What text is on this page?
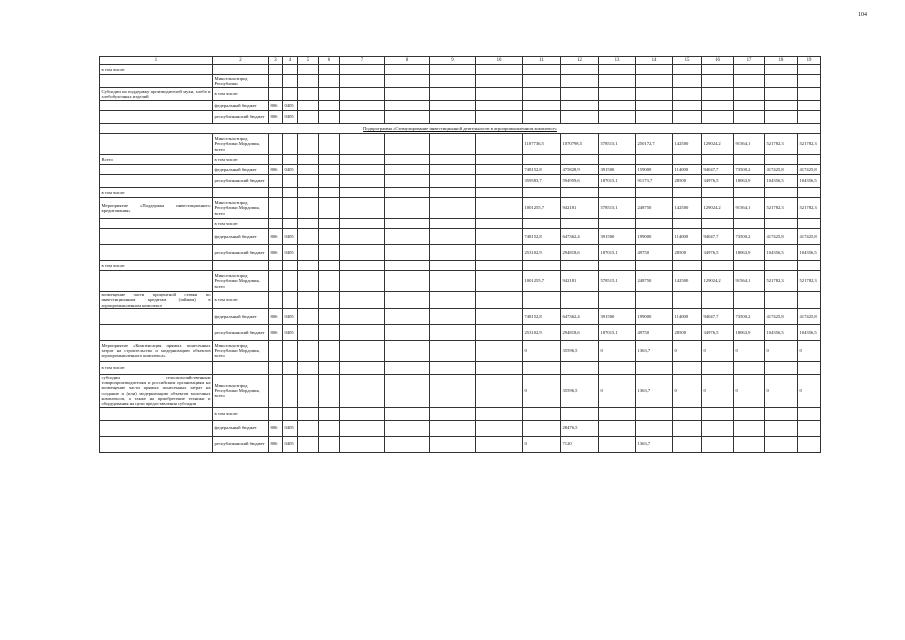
104
1	2	3	4	5	6	7	8	9	10	11	12	13	14	15	16	17	18	19
в том числе:																		
	Минсельхозпрод Республики																	
Субсидии на поддержку производителей муки, хлеба и хлебобулочных изделий	в том числе:																	
	федеральный бюджет	806	0405															
	республиканский бюджет	806	0405															
Подпрограмма «Стимулирование инвестиционной деятельности в агропромышленном комплексе»																		
	Минсельхозпрод Республики Мордовия, всего									1107736,5	1070798,5	578515,1	250172,7	142500	129024,2	91564,1	521782,3	521782,3
Всего	в том числе:																	
	федеральный бюджет	806	0405							748152,8	475828,9	391500	159000	114000	94047,7	73500,2	417425,8	417425,8
	республиканский бюджет									359583,7	594959,6	187015,1	91173,7	28500	34976,5	18063,9	104356,5	104356,5
в том числе:																		
Мероприятие «Поддержка инвестиционного кредитования»	Минсельхозпрод Республики Мордовия, всего									1001255,7	942181	578515,1	248750	142500	129024,2	91564,1	521782,3	521782,3
	в том числе:																	
	федеральный бюджет	806	0405							748152,8	647362,4	391500	199000	114000	94047,7	73500,2	417425,8	417425,8
	республиканский бюджет	806	0405							253102,9	294818,6	187015,1	49750	28500	34976,5	18063,9	104356,5	104356,5
в том числе:																		
	Минсельхозпрод Республики Мордовия, всего									1001255,7	942181	578515,1	248750	142500	129024,2	91564,1	521782,3	521782,3
возмещение части процентной ставки по инвестиционным кредитам (займам) в агропромышленном комплексе	в том числе:																	
	федеральный бюджет	806	0405							748152,8	647362,4	391500	199000	114000	94047,7	73500,2	417425,8	417425,8
	республиканский бюджет	806	0405							253102,9	294818,6	187015,1	49750	28500	34976,5	18063,9	104356,5	104356,5
Мероприятие «Компенсация прямых понесенных затрат на строительство и модернизацию объектов агропромышленного комплекса»	Минсельхозпрод Республики Мордовия, всего									0	35596,5	0	1363,7	0	0	0	0	0
в том числе:																		
субсидии сельскохозяйственным товаропроизводителям и российским организациям на возмещение части прямых понесенных затрат на создание и (или) модернизацию объектов молочных комплексов, а также на приобретение техники и оборудования на цели предоставления субсидии	Минсельхозпрод Республики Мордовия, всего									0	35596,5	0	1363,7	0	0	0	0	0
	в том числе:																	
	федеральный бюджет	806	0405								28476,5							
	республиканский бюджет	806	0405							0	7120		1363,7					
